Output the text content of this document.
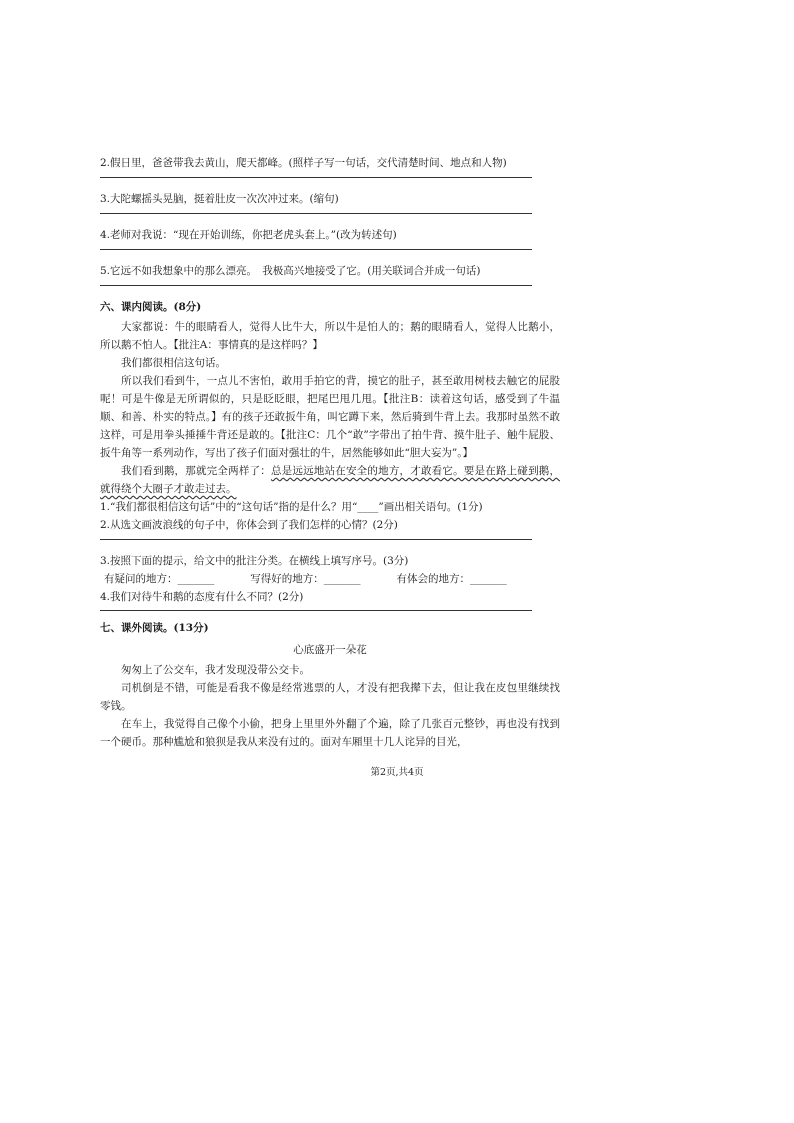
2.假日里，爸爸带我去黄山，爬天都峰。(照样子写一句话，交代清楚时间、地点和人物)

3.大陀螺摇头晃脑，挺着肚皮一次次冲过来。(缩句)

4.老师对我说：“现在开始训练，你把老虎头套上。”(改为转述句)

5.它远不如我想象中的那么漂亮。　我极高兴地接受了它。(用关联词合并成一句话)

六、课内阅读。(8分)

大家都说：牛的眼睛看人，觉得人比牛大，所以牛是怕人的；鹅的眼睛看人，觉得人比鹅小，所以鹅不怕人。【批注A：事情真的是这样吗？】

我们都很相信这句话。

所以我们看到牛，一点儿不害怕，敢用手拍它的背，摸它的肚子，甚至敢用树枝去触它的屁股呢！可是牛像是无所谓似的，只是眨眨眼，把尾巴甩几甩。【批注B：读着这句话，感受到了牛温顺、和善、朴实的特点。】有的孩子还敢扳牛角，叫它蹲下来，然后骑到牛背上去。我那时虽然不敢这样，可是用拳头捶捶牛背还是敢的。【批注C：几个“敢”字带出了拍牛背、摸牛肚子、触牛屁股、扳牛角等一系列动作，写出了孩子们面对强壮的牛，居然能够如此“胆大妄为”。】

我们看到鹅，那就完全两样了：总是远远地站在安全的地方，才敢看它。要是在路上碰到鹅，就得绕个大圈子才敢走过去。

1.“我们都很相信这句话”中的“这句话”指的是什么？用“____”画出相关语句。(1分)

2.从选文画波浪线的句子中，你体会到了我们怎样的心情？(2分)

3.按照下面的提示，给文中的批注分类。在横线上填写序号。(3分)

有疑问的地方：_______	写得好的地方：_______	有体会的地方：_______

4.我们对待牛和鹅的态度有什么不同？(2分)

七、课外阅读。(13分)

心底盛开一朵花

匆匆上了公交车，我才发现没带公交卡。

司机倒是不错，可能是看我不像是经常逃票的人，才没有把我撵下去，但让我在皮包里继续找零钱。

在车上，我觉得自己像个小偷，把身上里里外外翻了个遍，除了几张百元整钞，再也没有找到一个硬币。那种尴尬和狼狈是我从来没有过的。面对车厢里十几人诧异的目光，

第2页,共4页
